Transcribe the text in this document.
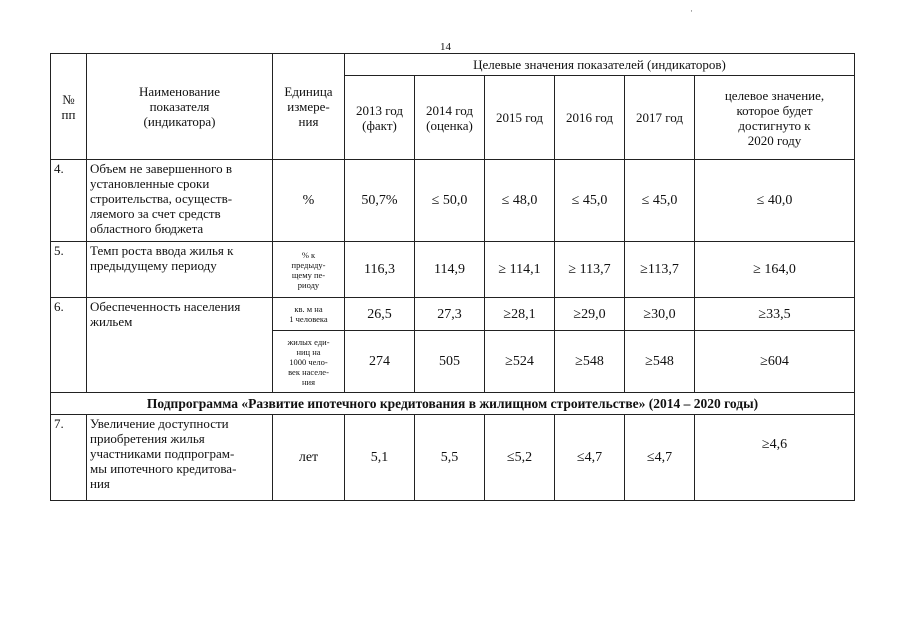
·
14
№
пп	Наименование
показателя
(индикатора)	Единица
измере-
ния	Целевые значения показателей (индикаторов)					
			2013 год
(факт)	2014 год
(оценка)	2015 год	2016 год	2017 год	целевое значение,
которое будет
достигнуто к
2020 году
4.	Объем не завершенного в
установленные сроки
строительства, осуществ-
ляемого за счет средств
областного бюджета	%	50,7%	≤ 50,0	≤ 48,0	≤ 45,0	≤ 45,0	≤ 40,0
5.	Темп роста ввода жилья к
предыдущему периоду	% к
предыду-
щему пе-
риоду	116,3	114,9	≥ 114,1	≥ 113,7	≥113,7	≥ 164,0
6.	Обеспеченность населения
жильем	кв. м на
1 человека	26,5	27,3	≥28,1	≥29,0	≥30,0	≥33,5
		жилых еди-
ниц на
1000 чело-
век населе-
ния	274	505	≥524	≥548	≥548	≥604
Подпрограмма «Развитие ипотечного кредитования в жилищном строительстве» (2014 – 2020 годы)								
7.	Увеличение доступности
приобретения жилья
участниками подпрограм-
мы ипотечного кредитова-
ния	лет	5,1	5,5	≤5,2	≤4,7	≤4,7	≥4,6
